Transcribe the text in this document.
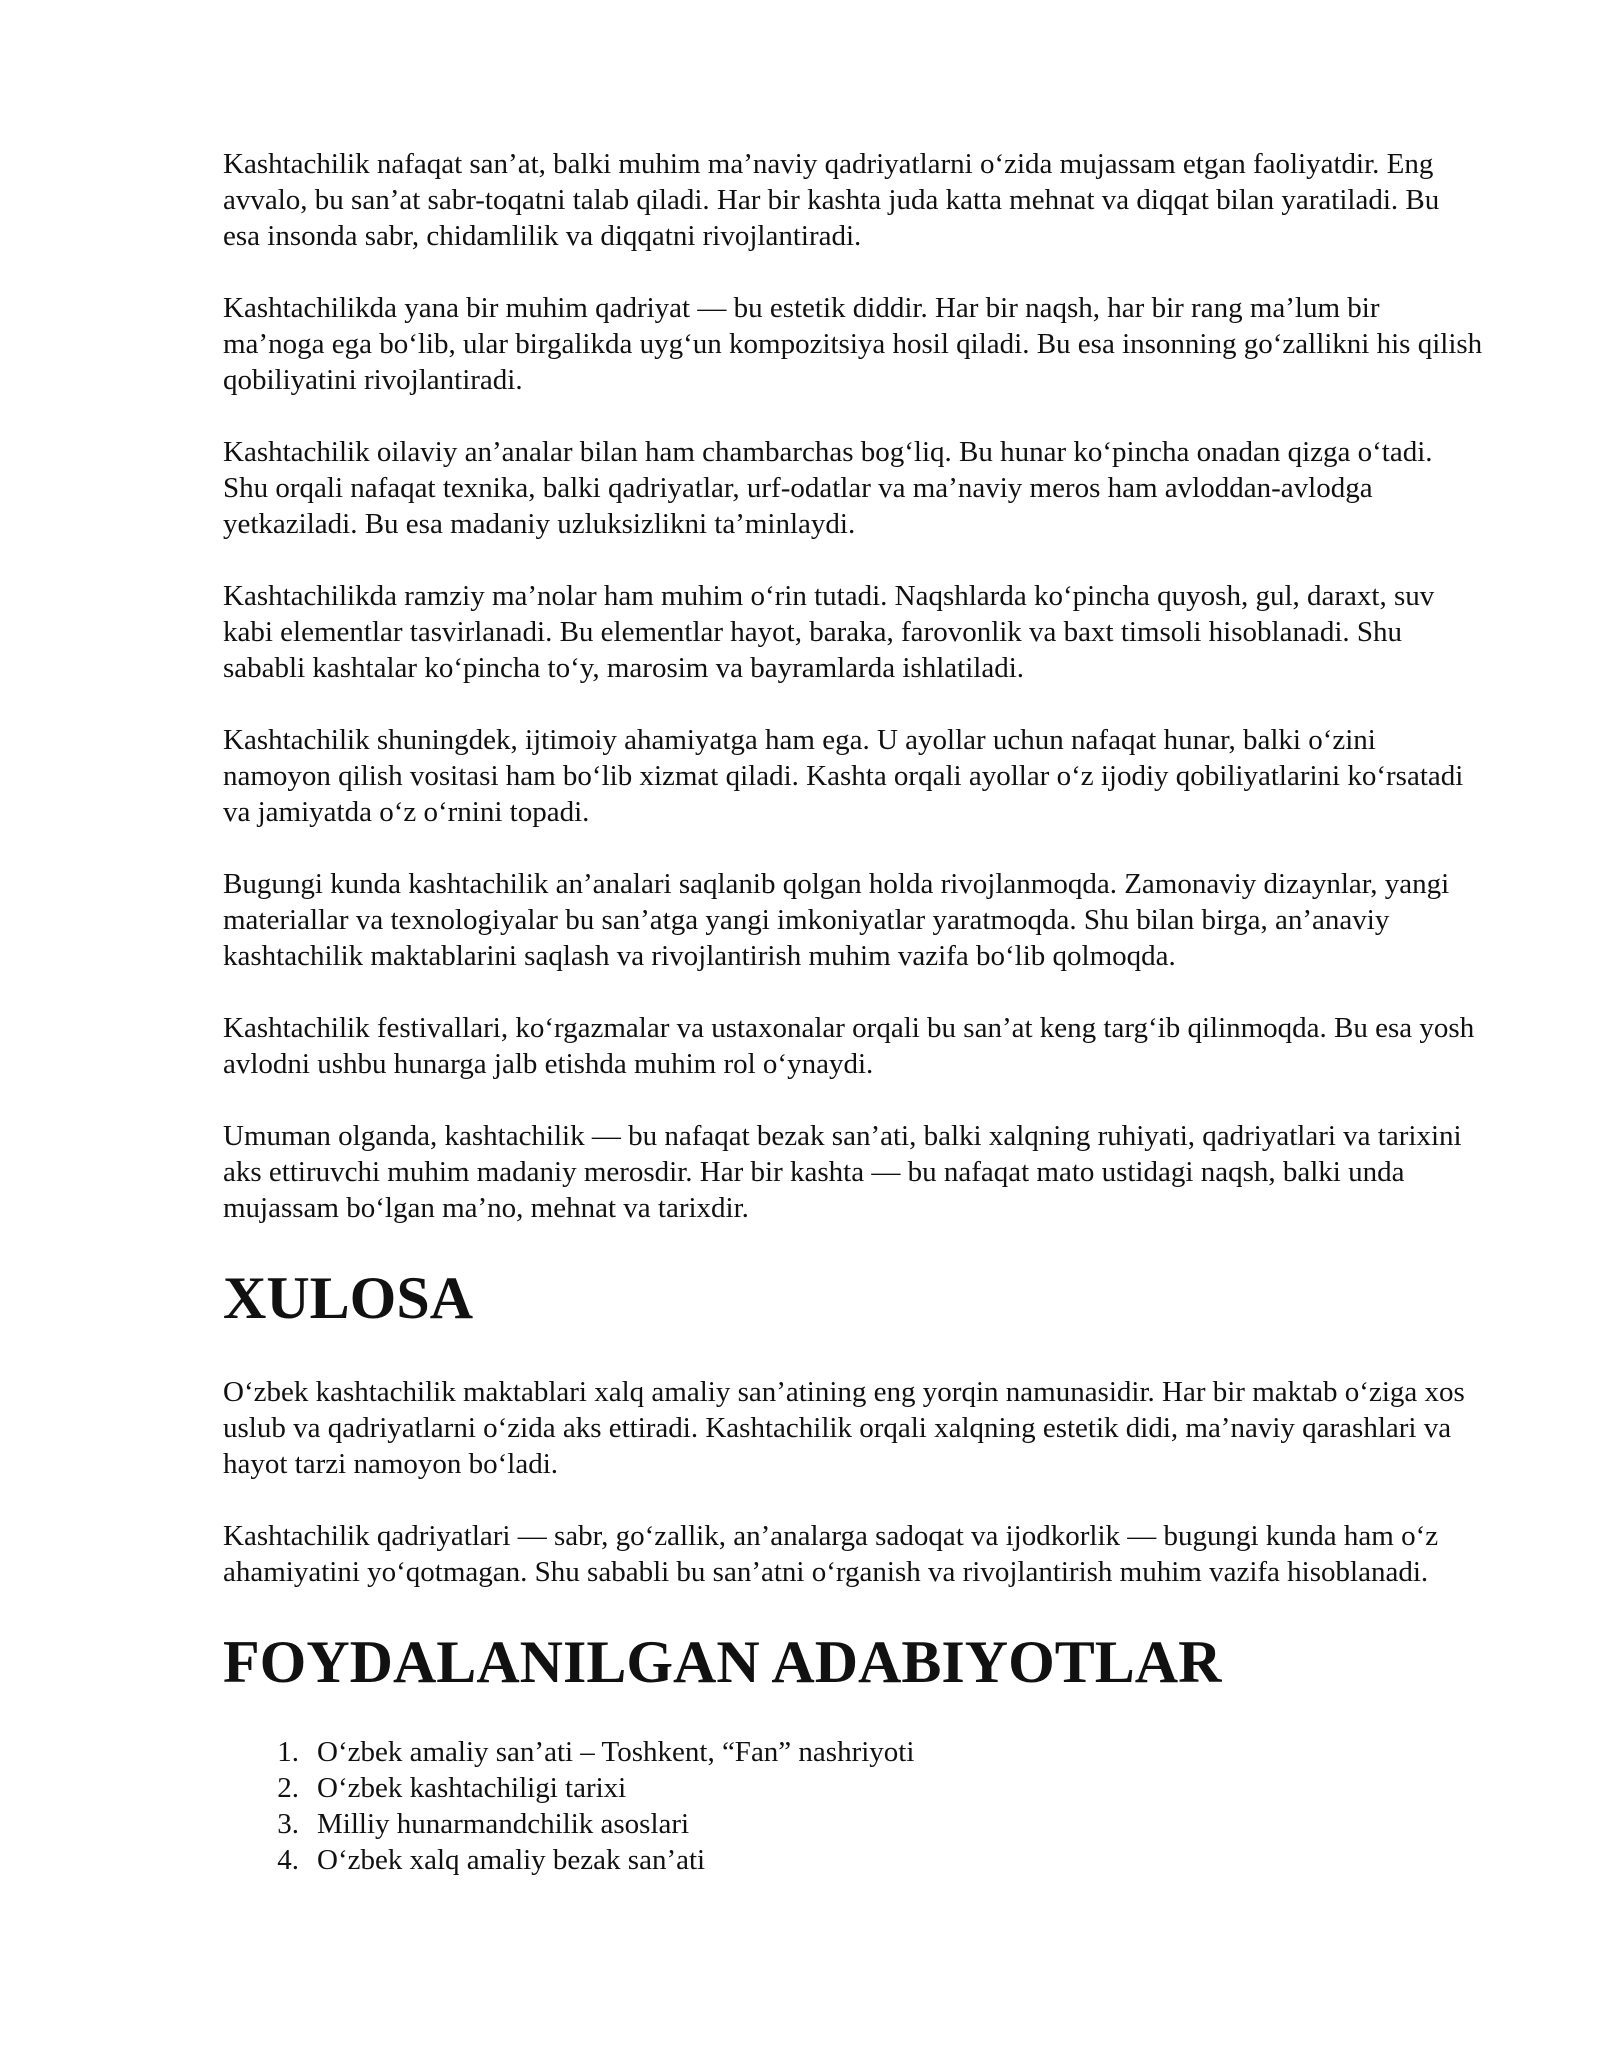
Kashtachilik nafaqat san’at, balki muhim ma’naviy qadriyatlarni o‘zida mujassam etgan faoliyatdir. Eng avvalo, bu san’at sabr-toqatni talab qiladi. Har bir kashta juda katta mehnat va diqqat bilan yaratiladi. Bu esa insonda sabr, chidamlilik va diqqatni rivojlantiradi.

Kashtachilikda yana bir muhim qadriyat — bu estetik diddir. Har bir naqsh, har bir rang ma’lum bir ma’noga ega bo‘lib, ular birgalikda uyg‘un kompozitsiya hosil qiladi. Bu esa insonning go‘zallikni his qilish qobiliyatini rivojlantiradi.

Kashtachilik oilaviy an’analar bilan ham chambarchas bog‘liq. Bu hunar ko‘pincha onadan qizga o‘tadi. Shu orqali nafaqat texnika, balki qadriyatlar, urf-odatlar va ma’naviy meros ham avloddan-avlodga yetkaziladi. Bu esa madaniy uzluksizlikni ta’minlaydi.

Kashtachilikda ramziy ma’nolar ham muhim o‘rin tutadi. Naqshlarda ko‘pincha quyosh, gul, daraxt, suv kabi elementlar tasvirlanadi. Bu elementlar hayot, baraka, farovonlik va baxt timsoli hisoblanadi. Shu sababli kashtalar ko‘pincha to‘y, marosim va bayramlarda ishlatiladi.

Kashtachilik shuningdek, ijtimoiy ahamiyatga ham ega. U ayollar uchun nafaqat hunar, balki o‘zini namoyon qilish vositasi ham bo‘lib xizmat qiladi. Kashta orqali ayollar o‘z ijodiy qobiliyatlarini ko‘rsatadi va jamiyatda o‘z o‘rnini topadi.

Bugungi kunda kashtachilik an’analari saqlanib qolgan holda rivojlanmoqda. Zamonaviy dizaynlar, yangi materiallar va texnologiyalar bu san’atga yangi imkoniyatlar yaratmoqda. Shu bilan birga, an’anaviy kashtachilik maktablarini saqlash va rivojlantirish muhim vazifa bo‘lib qolmoqda.

Kashtachilik festivallari, ko‘rgazmalar va ustaxonalar orqali bu san’at keng targ‘ib qilinmoqda. Bu esa yosh avlodni ushbu hunarga jalb etishda muhim rol o‘ynaydi.

Umuman olganda, kashtachilik — bu nafaqat bezak san’ati, balki xalqning ruhiyati, qadriyatlari va tarixini aks ettiruvchi muhim madaniy merosdir. Har bir kashta — bu nafaqat mato ustidagi naqsh, balki unda mujassam bo‘lgan ma’no, mehnat va tarixdir.

XULOSA

O‘zbek kashtachilik maktablari xalq amaliy san’atining eng yorqin namunasidir. Har bir maktab o‘ziga xos uslub va qadriyatlarni o‘zida aks ettiradi. Kashtachilik orqali xalqning estetik didi, ma’naviy qarashlari va hayot tarzi namoyon bo‘ladi.

Kashtachilik qadriyatlari — sabr, go‘zallik, an’analarga sadoqat va ijodkorlik — bugungi kunda ham o‘z ahamiyatini yo‘qotmagan. Shu sababli bu san’atni o‘rganish va rivojlantirish muhim vazifa hisoblanadi.

FOYDALANILGAN ADABIYOTLAR
1. O‘zbek amaliy san’ati – Toshkent, “Fan” nashriyoti
2. O‘zbek kashtachiligi tarixi
3. Milliy hunarmandchilik asoslari
4. O‘zbek xalq amaliy bezak san’ati
